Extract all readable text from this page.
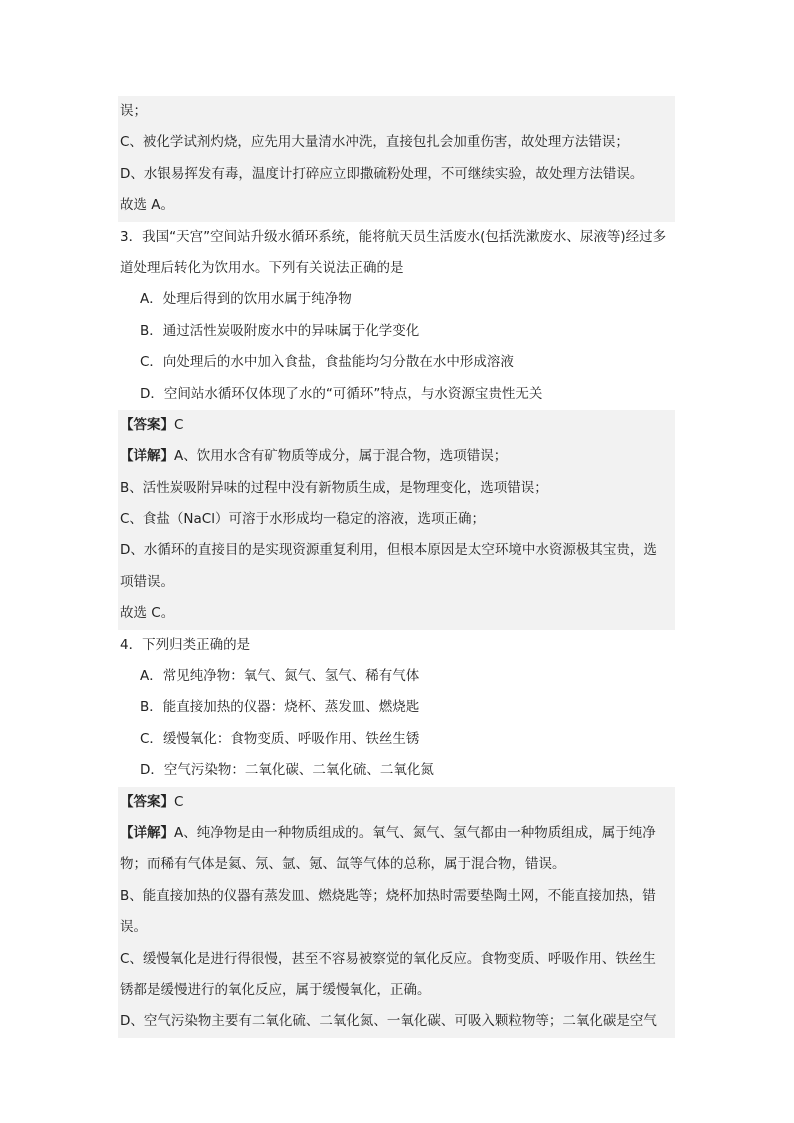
误；
C、被化学试剂灼烧，应先用大量清水冲洗，直接包扎会加重伤害，故处理方法错误；
D、水银易挥发有毒，温度计打碎应立即撒硫粉处理，不可继续实验，故处理方法错误。
故选 A。
3．我国“天宫”空间站升级水循环系统，能将航天员生活废水(包括洗漱废水、尿液等)经过多
道处理后转化为饮用水。下列有关说法正确的是
A．处理后得到的饮用水属于纯净物
B．通过活性炭吸附废水中的异味属于化学变化
C．向处理后的水中加入食盐，食盐能均匀分散在水中形成溶液
D．空间站水循环仅体现了水的“可循环”特点，与水资源宝贵性无关
【答案】C
【详解】A、饮用水含有矿物质等成分，属于混合物，选项错误；
B、活性炭吸附异味的过程中没有新物质生成，是物理变化，选项错误；
C、食盐（NaCl）可溶于水形成均一稳定的溶液，选项正确；
D、水循环的直接目的是实现资源重复利用，但根本原因是太空环境中水资源极其宝贵，选
项错误。
故选 C。
4．下列归类正确的是
A．常见纯净物：氧气、氮气、氢气、稀有气体
B．能直接加热的仪器：烧杯、蒸发皿、燃烧匙
C．缓慢氧化：食物变质、呼吸作用、铁丝生锈
D．空气污染物：二氧化碳、二氧化硫、二氧化氮
【答案】C
【详解】A、纯净物是由一种物质组成的。氧气、氮气、氢气都由一种物质组成，属于纯净
物；而稀有气体是氦、氖、氩、氪、氙等气体的总称，属于混合物，错误。
B、能直接加热的仪器有蒸发皿、燃烧匙等；烧杯加热时需要垫陶土网，不能直接加热，错
误。
C、缓慢氧化是进行得很慢，甚至不容易被察觉的氧化反应。食物变质、呼吸作用、铁丝生
锈都是缓慢进行的氧化反应，属于缓慢氧化，正确。
D、空气污染物主要有二氧化硫、二氧化氮、一氧化碳、可吸入颗粒物等；二氧化碳是空气
